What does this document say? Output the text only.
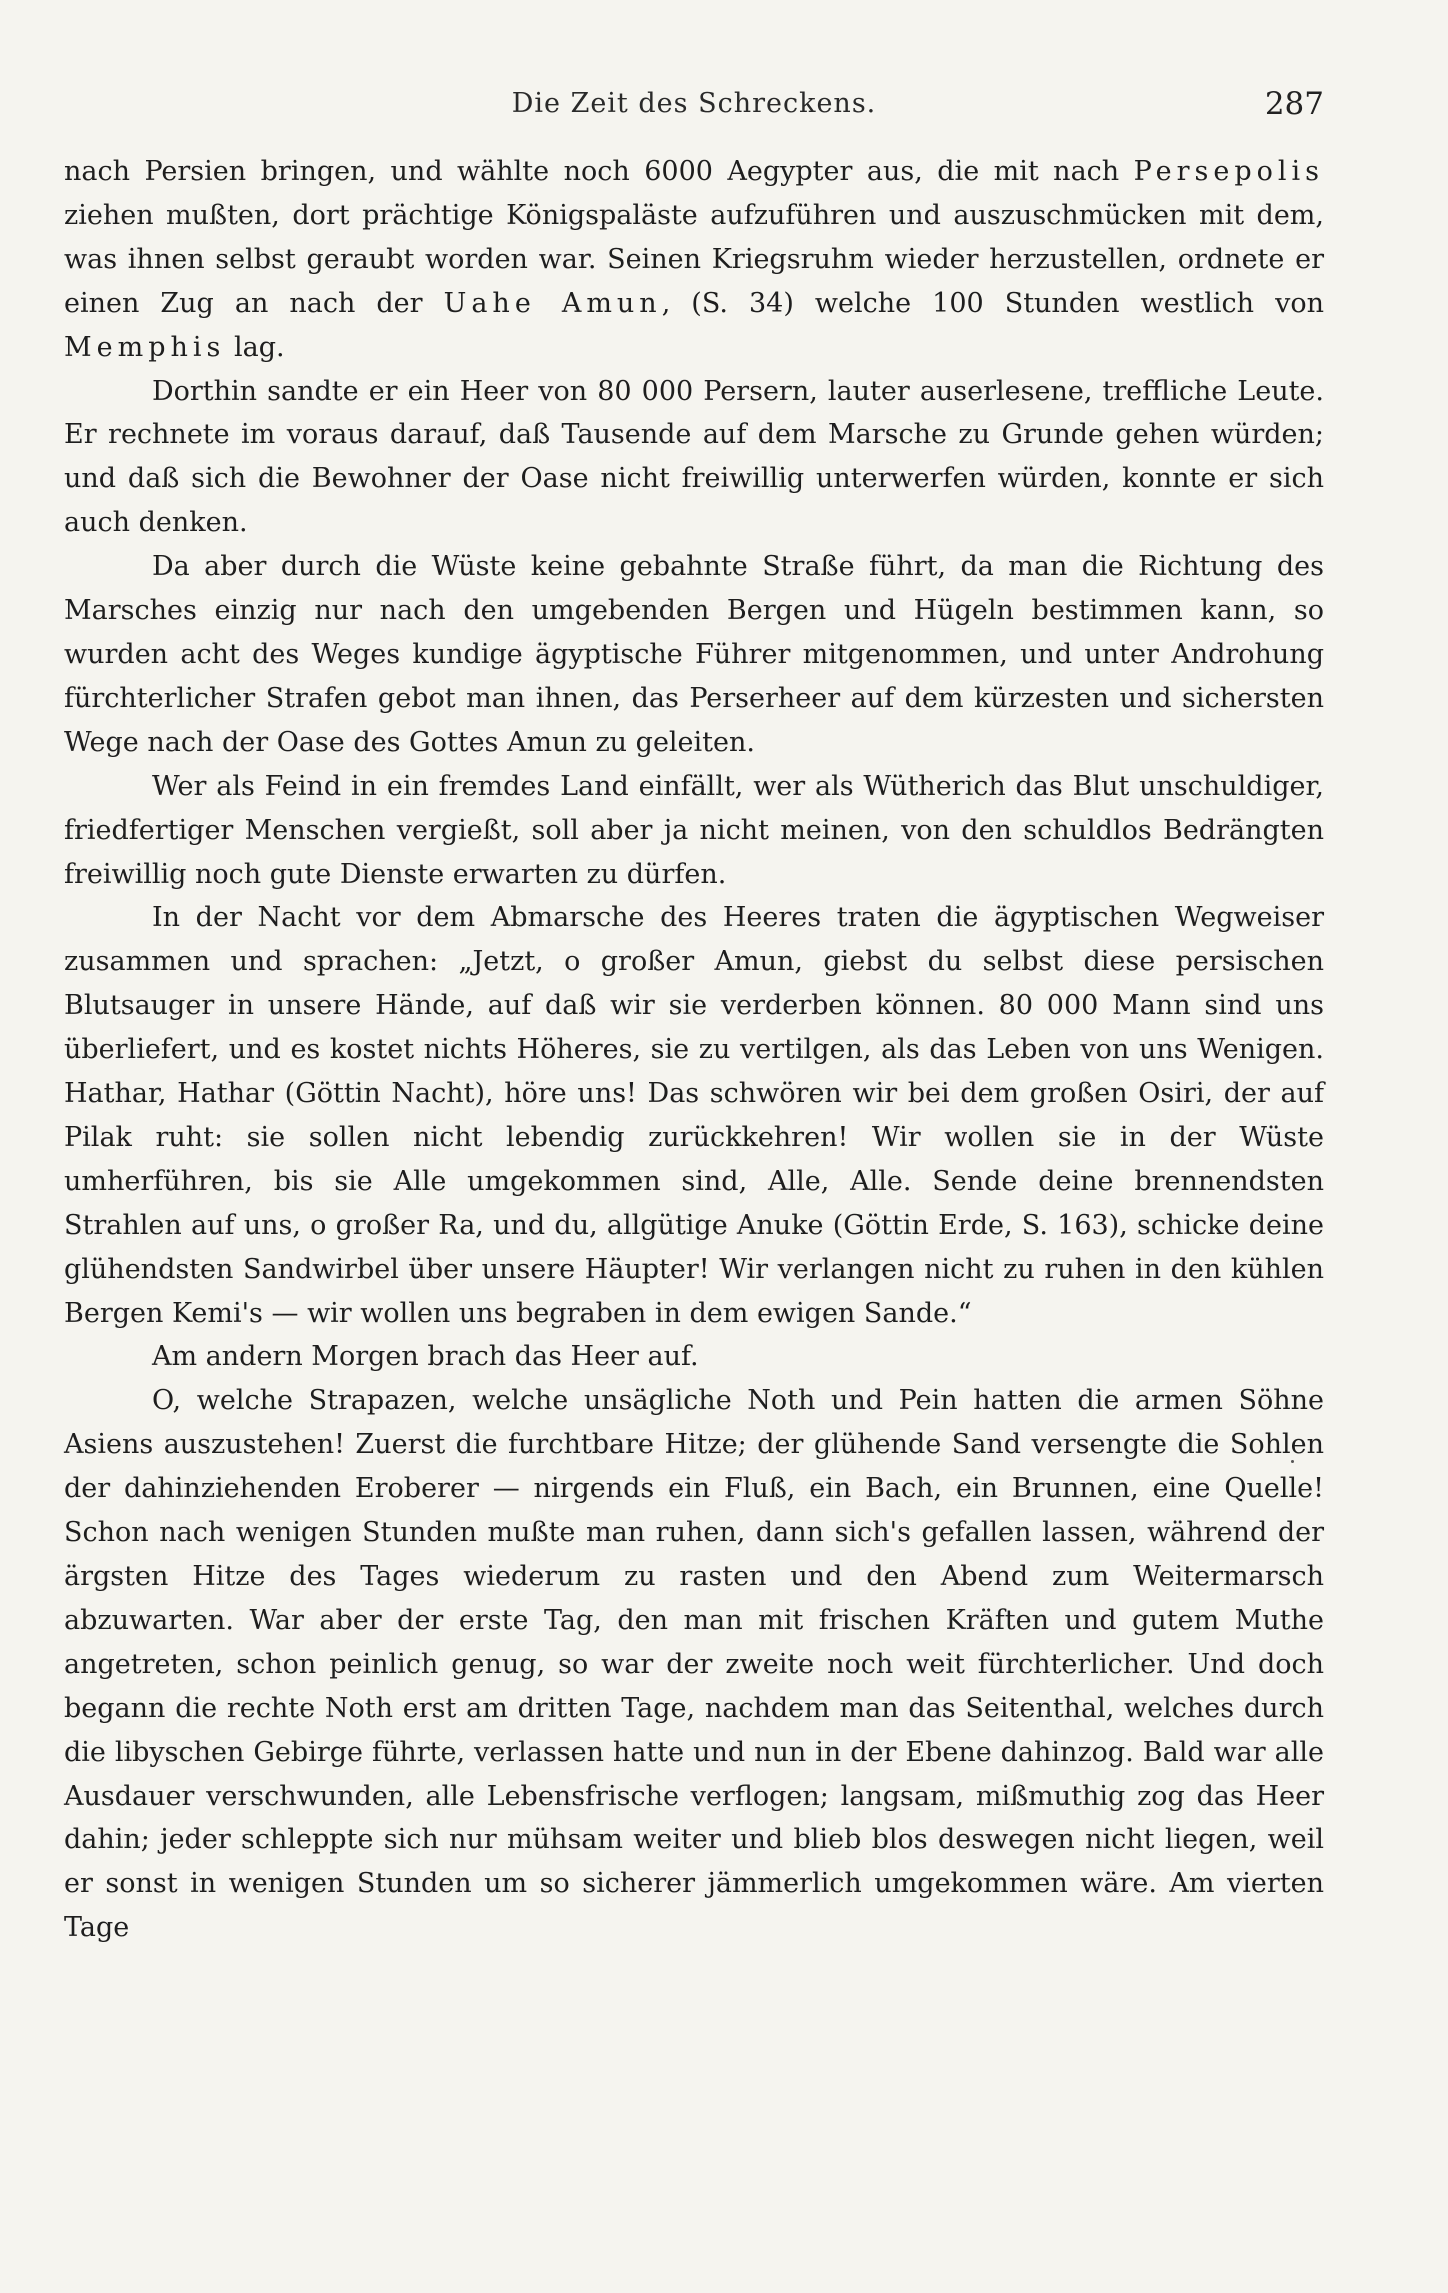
Die Zeit des Schreckens.	287

nach Persien bringen, und wählte noch 6000 Aegypter aus, die mit nach Persepolis ziehen mußten, dort prächtige Königspaläste aufzuführen und auszuschmücken mit dem, was ihnen selbst geraubt worden war. Seinen Kriegsruhm wieder herzustellen, ordnete er einen Zug an nach der Uahe Amun, (S. 34) welche 100 Stunden westlich von Memphis lag.

Dorthin sandte er ein Heer von 80 000 Persern, lauter auserlesene, treffliche Leute. Er rechnete im voraus darauf, daß Tausende auf dem Marsche zu Grunde gehen würden; und daß sich die Bewohner der Oase nicht freiwillig unterwerfen würden, konnte er sich auch denken.

Da aber durch die Wüste keine gebahnte Straße führt, da man die Richtung des Marsches einzig nur nach den umgebenden Bergen und Hügeln bestimmen kann, so wurden acht des Weges kundige ägyptische Führer mitgenommen, und unter Androhung fürchterlicher Strafen gebot man ihnen, das Perserheer auf dem kürzesten und sichersten Wege nach der Oase des Gottes Amun zu geleiten.

Wer als Feind in ein fremdes Land einfällt, wer als Wütherich das Blut unschuldiger, friedfertiger Menschen vergießt, soll aber ja nicht meinen, von den schuldlos Bedrängten freiwillig noch gute Dienste erwarten zu dürfen.

In der Nacht vor dem Abmarsche des Heeres traten die ägyptischen Wegweiser zusammen und sprachen: „Jetzt, o großer Amun, giebst du selbst diese persischen Blutsauger in unsere Hände, auf daß wir sie verderben können. 80 000 Mann sind uns überliefert, und es kostet nichts Höheres, sie zu vertilgen, als das Leben von uns Wenigen. Hathar, Hathar (Göttin Nacht), höre uns! Das schwören wir bei dem großen Osiri, der auf Pilak ruht: sie sollen nicht lebendig zurückkehren! Wir wollen sie in der Wüste umherführen, bis sie Alle umgekommen sind, Alle, Alle. Sende deine brennendsten Strahlen auf uns, o großer Ra, und du, allgütige Anuke (Göttin Erde, S. 163), schicke deine glühendsten Sandwirbel über unsere Häupter! Wir verlangen nicht zu ruhen in den kühlen Bergen Kemi's — wir wollen uns begraben in dem ewigen Sande.“

Am andern Morgen brach das Heer auf.

O, welche Strapazen, welche unsägliche Noth und Pein hatten die armen Söhne Asiens auszustehen! Zuerst die furchtbare Hitze; der glühende Sand versengte die Sohlen der dahinziehenden Eroberer — nirgends ein Fluß, ein Bach, ein Brunnen, eine Quelle! Schon nach wenigen Stunden mußte man ruhen, dann sich's gefallen lassen, während der ärgsten Hitze des Tages wiederum zu rasten und den Abend zum Weitermarsch abzuwarten. War aber der erste Tag, den man mit frischen Kräften und gutem Muthe angetreten, schon peinlich genug, so war der zweite noch weit fürchterlicher. Und doch begann die rechte Noth erst am dritten Tage, nachdem man das Seitenthal, welches durch die libyschen Gebirge führte, verlassen hatte und nun in der Ebene dahinzog. Bald war alle Ausdauer verschwunden, alle Lebensfrische verflogen; langsam, mißmuthig zog das Heer dahin; jeder schleppte sich nur mühsam weiter und blieb blos deswegen nicht liegen, weil er sonst in wenigen Stunden um so sicherer jämmerlich umgekommen wäre. Am vierten Tage
